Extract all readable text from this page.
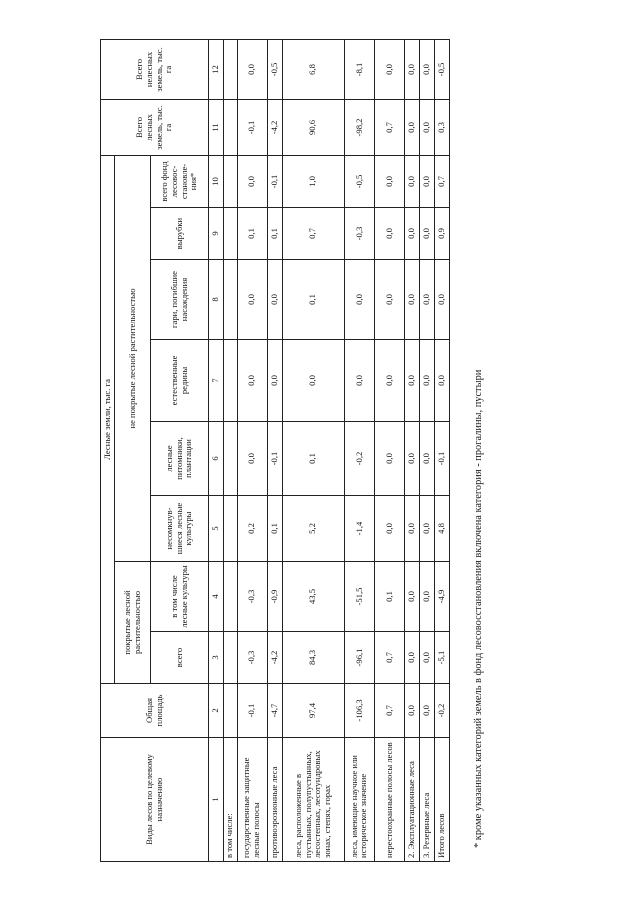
Виды лесов по целевому назначению	Общая площадь	Лесные земли, тыс. га								Всего лесных земель, тыс. га	Всего нелесных земель, тыс. га
		покрытые лесной растительностью		не покрытые лесной растительностью							
		всего	в том числе лесные культуры	несомкнув-шиеся лесные культуры	лесные питомники, плантации	естественные редины	гари, погибшие насаждения	вырубки	всего фонд лесовос-становле-ния*		
1	2	3	4	5	6	7	8	9	10	11	12
в том числе:											
государственные защитные лесные полосы	-0,1	-0,3	-0,3	0,2	0,0	0,0	0,0	0,1	0,0	-0,1	0,0
противоэрозионные леса	-4,7	-4,2	-0,9	0,1	-0,1	0,0	0,0	0,1	-0,1	-4,2	-0,5
леса, расположенные в пустынных, полупустынных, лесостепных, лесотундровых зонах, степях, горах	97,4	84,3	43,5	5,2	0,1	0,0	0,1	0,7	1,0	90,6	6,8
леса, имеющие научное или историческое значение	-106,3	-96,1	-51,5	-1,4	-0,2	0,0	0,0	-0,3	-0,5	-98,2	-8,1
нерестоохранные полосы лесов	0,7	0,7	0,1	0,0	0,0	0,0	0,0	0,0	0,0	0,7	0,0
2. Эксплуатационные леса	0,0	0,0	0,0	0,0	0,0	0,0	0,0	0,0	0,0	0,0	0,0
3. Резервные леса	0,0	0,0	0,0	0,0	0,0	0,0	0,0	0,0	0,0	0,0	0,0
Итого лесов	-0,2	-5,1	-4,9	4,8	-0,1	0,0	0,0	0,9	0,7	0,3	-0,5
* кроме указанных категорий земель в фонд лесовосстановления включена категория - прогалины, пустыри
